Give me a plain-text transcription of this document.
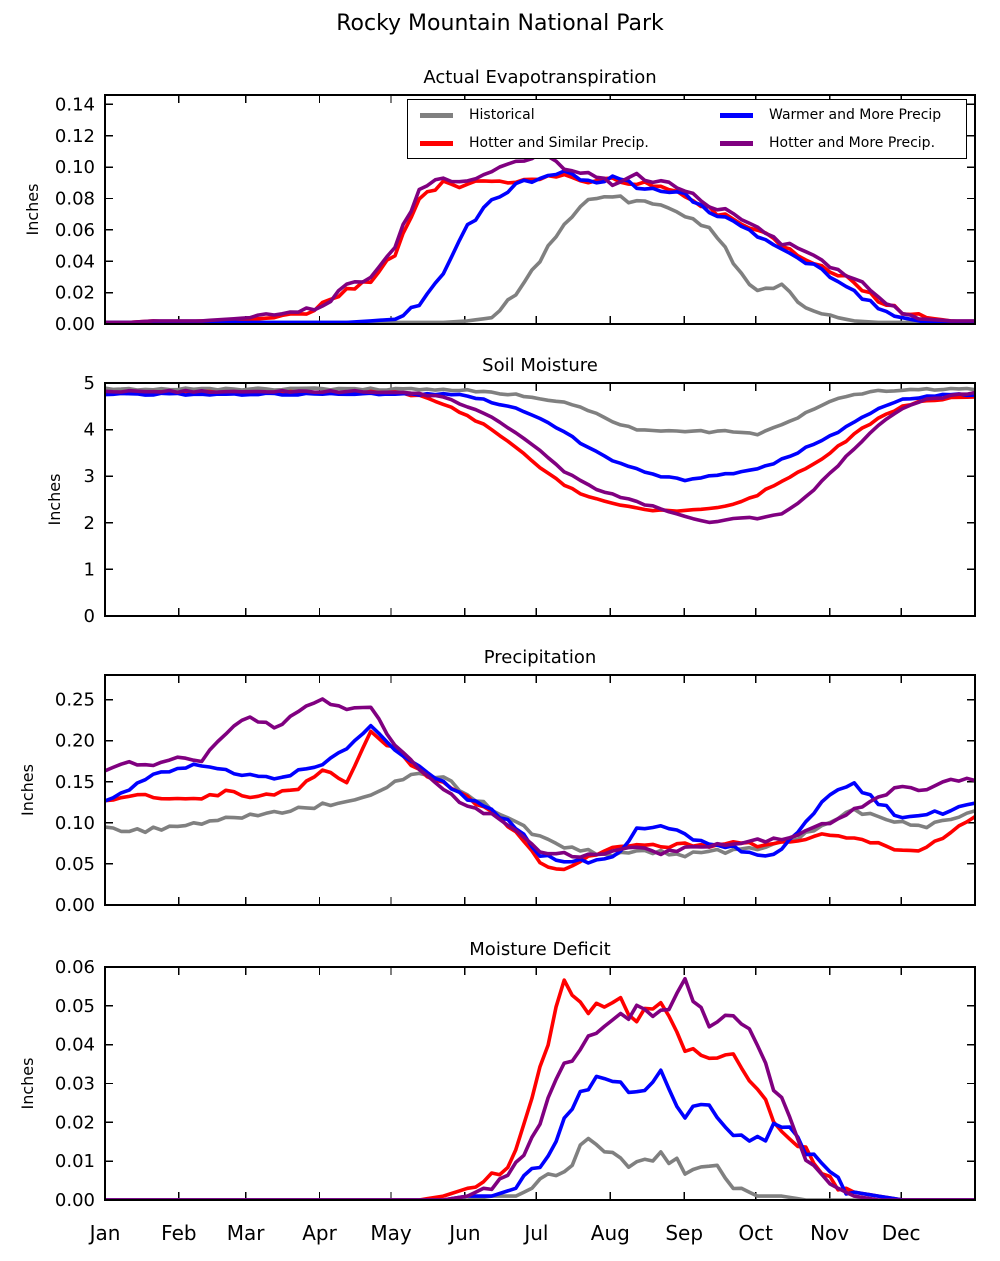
0.00
0.02
0.04
0.06
0.08
0.10
0.12
0.14
Inches
0
1
2
3
4
5
Inches
0.00
0.05
0.10
0.15
0.20
0.25
Inches
0.00
0.01
0.02
0.03
0.04
0.05
0.06
Jan Feb Mar Apr May Jun Jul Aug Sep Oct Nov Dec
Inches
Rocky Mountain National Park
Actual Evapotranspiration
Soil Moisture
Precipitation
Moisture Deficit
Historical
Hotter and Similar Precip.
Warmer and More Precip
Hotter and More Precip.
